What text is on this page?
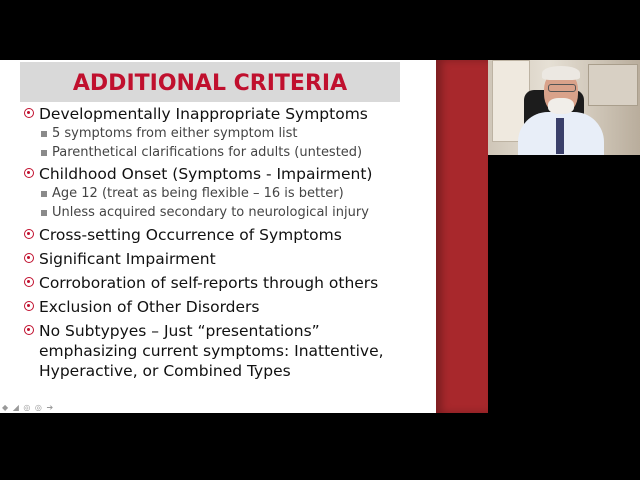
ADDITIONAL CRITERIA
Developmentally Inappropriate Symptoms
5 symptoms from either symptom list
Parenthetical clarifications for adults (untested)
Childhood Onset (Symptoms - Impairment)
Age 12 (treat as being flexible – 16 is better)
Unless acquired secondary to neurological injury
Cross-setting Occurrence of Symptoms
Significant Impairment
Corroboration of self-reports through others
Exclusion of Other Disorders
No Subtypyes – Just “presentations”
emphasizing current symptoms: Inattentive,
Hyperactive, or Combined Types
◆ ◢ ◎ ◎ ➔
